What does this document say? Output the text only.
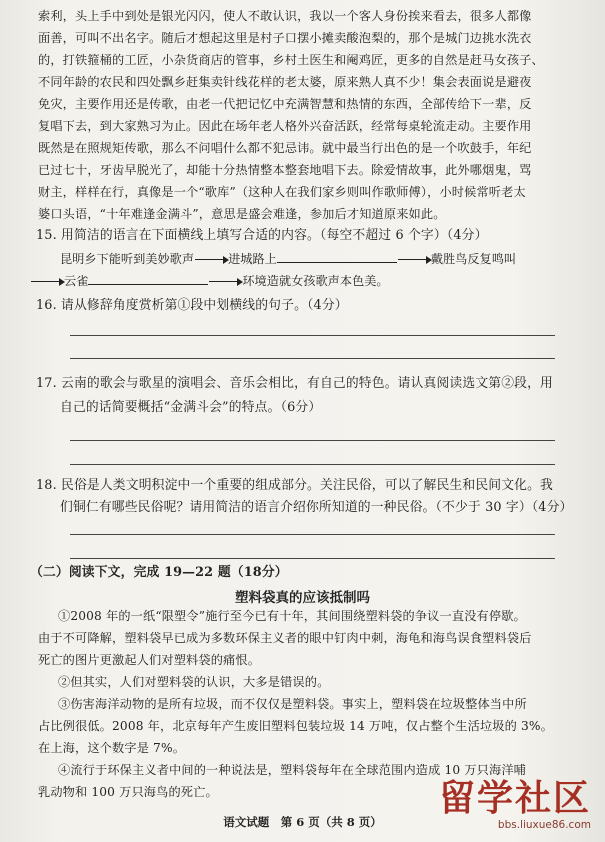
索利，头上手中到处是银光闪闪，使人不敢认识，我以一个客人身份挨来看去，很多人都像
面善，可叫不出名字。随后才想起这里是村子口摆小摊卖酸泡梨的，那个是城门边挑水洗衣
的，打铁箍桶的工匠，小杂货商店的管事，乡村土医生和阉鸡匠，更多的自然是赶马女孩子、
不同年龄的农民和四处飘乡赶集卖针线花样的老太婆，原来熟人真不少！集会表面说是避夜
免灾，主要作用还是传歌，由老一代把记忆中充满智慧和热情的东西，全部传给下一辈，反
复唱下去，到大家熟习为止。因此在场年老人格外兴奋活跃，经常每桌轮流走动。主要作用
既然是在照规矩传歌，那么不问唱什么都不犯忌讳。就中最当行出色的是一个吹鼓手，年纪
已过七十，牙齿早脱光了，却能十分热情整本整套地唱下去。除爱情故事，此外哪烟鬼，骂
财主，样样在行，真像是一个“歌库”（这种人在我们家乡则叫作歌师傅），小时候常听老太
婆口头语，“十年难逢金满斗”，意思是盛会难逢，参加后才知道原来如此。
15. 用简洁的语言在下面横线上填写合适的内容。（每空不超过 6 个字）（4分）
昆明乡下能听到美妙歌声	进城路上	戴胜鸟反复鸣叫
云雀	环境造就女孩歌声本色美。
16. 请从修辞角度赏析第①段中划横线的句子。（4分）
17. 云南的歌会与歌星的演唱会、音乐会相比，有自己的特色。请认真阅读选文第②段，用
自己的话简要概括“金满斗会”的特点。（6分）
18. 民俗是人类文明积淀中一个重要的组成部分。关注民俗，可以了解民生和民间文化。我
们铜仁有哪些民俗呢？请用简洁的语言介绍你所知道的一种民俗。（不少于 30 字）（4分）
（二）阅读下文，完成 19—22 题（18分）
塑料袋真的应该抵制吗
①2008 年的一纸“限塑令”施行至今已有十年，其间围绕塑料袋的争议一直没有停歇。
由于不可降解，塑料袋早已成为多数环保主义者的眼中钉肉中刺，海龟和海鸟误食塑料袋后
死亡的图片更激起人们对塑料袋的痛恨。
②但其实，人们对塑料袋的认识，大多是错误的。
③伤害海洋动物的是所有垃圾，而不仅仅是塑料袋。事实上，塑料袋在垃圾整体当中所
占比例很低。2008 年，北京每年产生废旧塑料包装垃圾 14 万吨，仅占整个生活垃圾的 3%。
在上海，这个数字是 7%。
④流行于环保主义者中间的一种说法是，塑料袋每年在全球范围内造成 10 万只海洋哺
乳动物和 100 万只海鸟的死亡。
语文试题　第 6 页（共 8 页）
留学社区
bbs.liuxue86.com
